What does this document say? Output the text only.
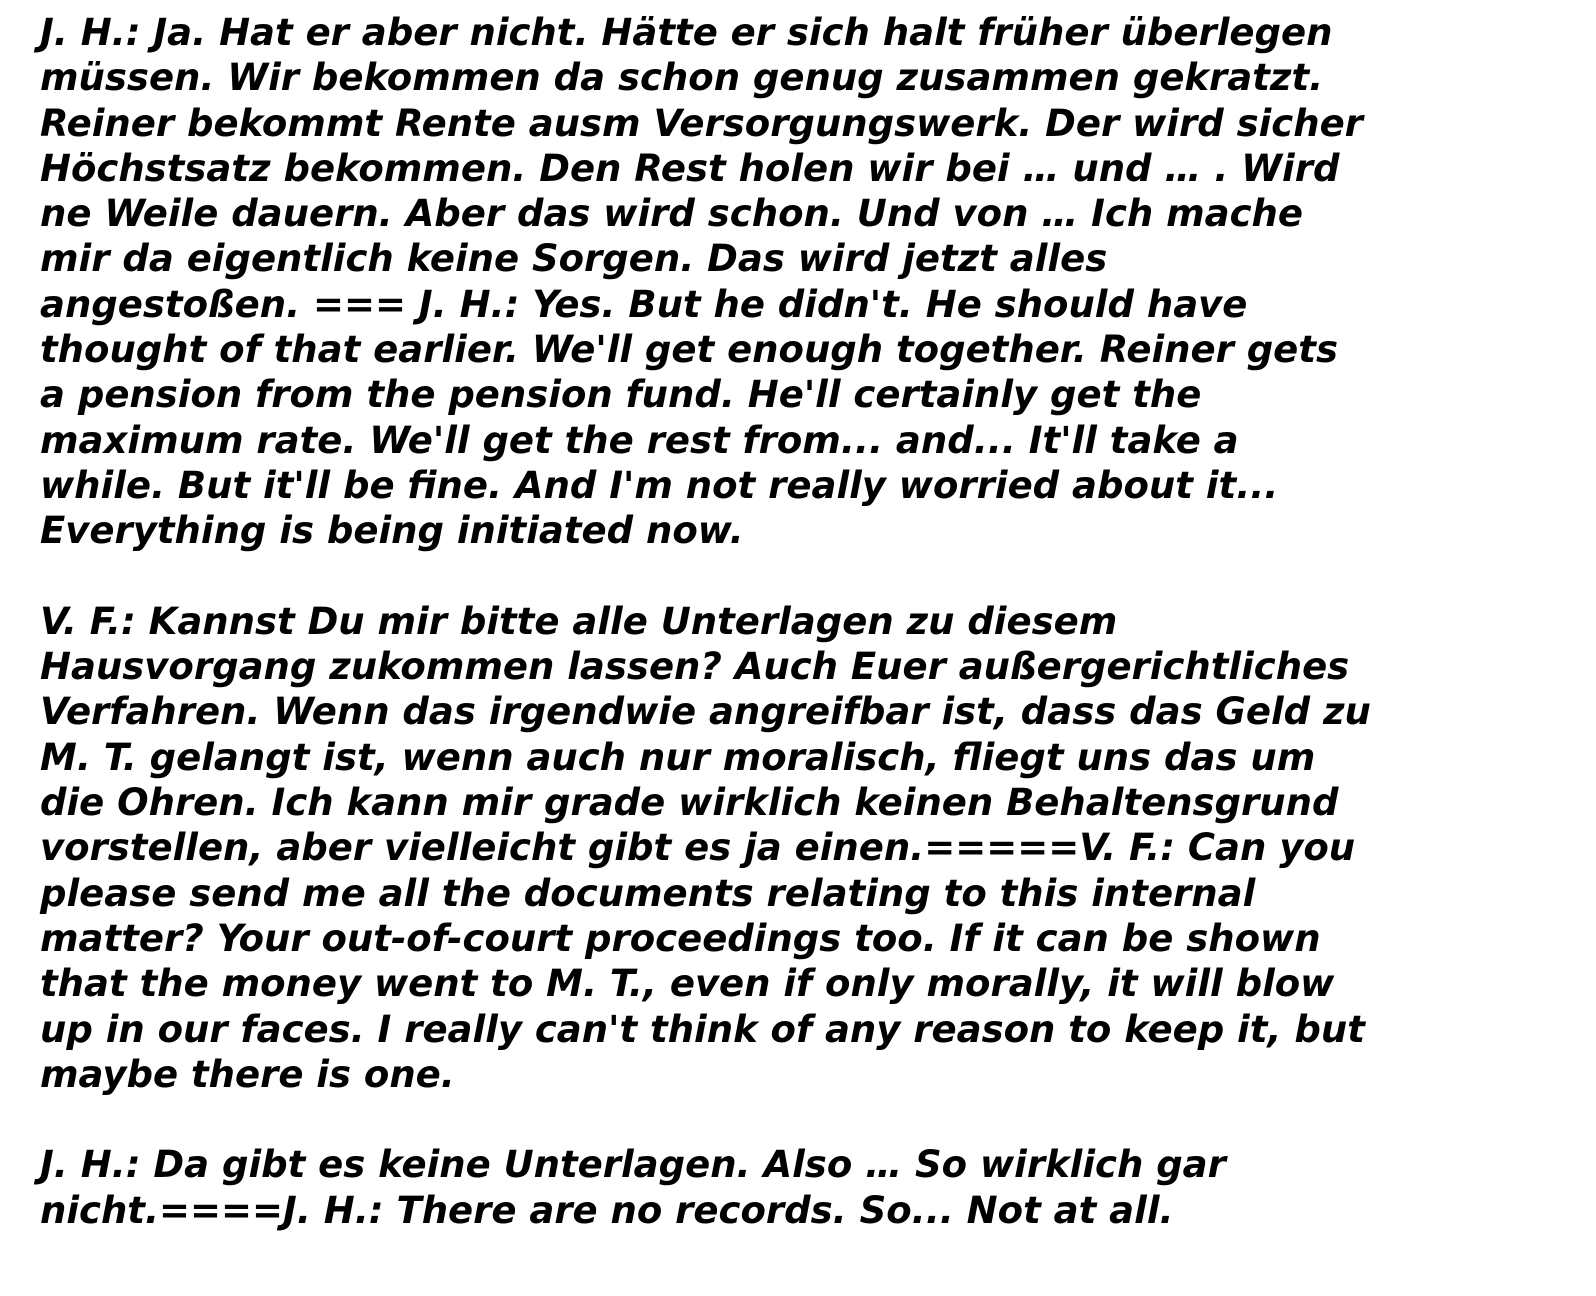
J. H.: Ja. Hat er aber nicht. Hätte er sich halt früher überlegen

müssen. Wir bekommen da schon genug zusammen gekratzt.

Reiner bekommt Rente ausm Versorgungswerk. Der wird sicher

Höchstsatz bekommen. Den Rest holen wir bei … und … . Wird

ne Weile dauern. Aber das wird schon. Und von … Ich mache

mir da eigentlich keine Sorgen. Das wird jetzt alles

angestoßen. === J. H.: Yes. But he didn't. He should have

thought of that earlier. We'll get enough together. Reiner gets

a pension from the pension fund. He'll certainly get the

maximum rate. We'll get the rest from... and... It'll take a

while. But it'll be fine. And I'm not really worried about it...

Everything is being initiated now.

V. F.: Kannst Du mir bitte alle Unterlagen zu diesem

Hausvorgang zukommen lassen? Auch Euer außergerichtliches

Verfahren. Wenn das irgendwie angreifbar ist, dass das Geld zu

M. T. gelangt ist, wenn auch nur moralisch, fliegt uns das um

die Ohren. Ich kann mir grade wirklich keinen Behaltensgrund

vorstellen, aber vielleicht gibt es ja einen.=====V. F.: Can you

please send me all the documents relating to this internal

matter? Your out-of-court proceedings too. If it can be shown

that the money went to M. T., even if only morally, it will blow

up in our faces. I really can't think of any reason to keep it, but

maybe there is one.

J. H.: Da gibt es keine Unterlagen. Also … So wirklich gar

nicht.====J. H.: There are no records. So... Not at all.
